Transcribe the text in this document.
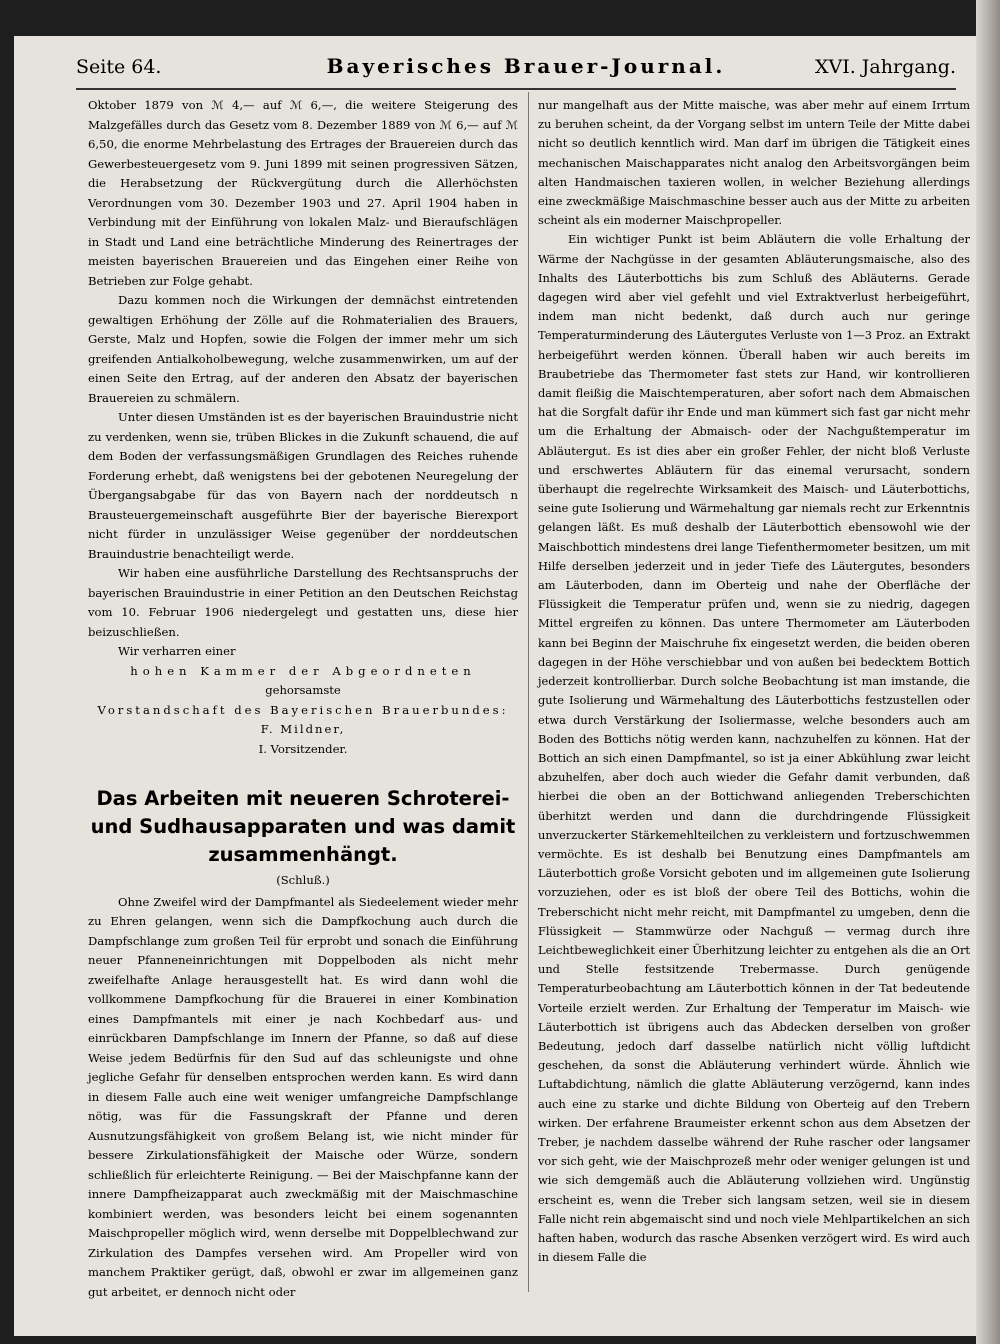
Seite 64.	Bayerisches Brauer-Journal.	XVI. Jahrgang.

Oktober 1879 von ℳ 4,— auf ℳ 6,—, die weitere Steigerung des Malzgefälles durch das Gesetz vom 8. Dezember 1889 von ℳ 6,— auf ℳ 6,50, die enorme Mehrbelastung des Ertrages der Brauereien durch das Gewerbesteuergesetz vom 9. Juni 1899 mit seinen progressiven Sätzen, die Herabsetzung der Rückvergütung durch die Allerhöchsten Verordnungen vom 30. Dezember 1903 und 27. April 1904 haben in Verbindung mit der Einführung von lokalen Malz- und Bieraufschlägen in Stadt und Land eine beträchtliche Minderung des Reinertrages der meisten bayerischen Brauereien und das Eingehen einer Reihe von Betrieben zur Folge gehabt.

Dazu kommen noch die Wirkungen der demnächst eintretenden gewaltigen Erhöhung der Zölle auf die Rohmaterialien des Brauers, Gerste, Malz und Hopfen, sowie die Folgen der immer mehr um sich greifenden Antialkoholbewegung, welche zusammenwirken, um auf der einen Seite den Ertrag, auf der anderen den Absatz der bayerischen Brauereien zu schmälern.

Unter diesen Umständen ist es der bayerischen Brauindustrie nicht zu verdenken, wenn sie, trüben Blickes in die Zukunft schauend, die auf dem Boden der verfassungsmäßigen Grundlagen des Reiches ruhende Forderung erhebt, daß wenigstens bei der gebotenen Neuregelung der Übergangsabgabe für das von Bayern nach der norddeutsch n Brausteuergemeinschaft ausgeführte Bier der bayerische Bierexport nicht fürder in unzulässiger Weise gegenüber der norddeutschen Brauindustrie benachteiligt werde.

Wir haben eine ausführliche Darstellung des Rechtsanspruchs der bayerischen Brauindustrie in einer Petition an den Deutschen Reichstag vom 10. Februar 1906 niedergelegt und gestatten uns, diese hier beizuschließen.

Wir verharren einer

hohen Kammer der Abgeordneten

gehorsamste

Vorstandschaft des Bayerischen Brauerbundes:

F. Mildner,

I. Vorsitzender.

Das Arbeiten mit neueren Schroterei- und Sudhausapparaten und was damit zusammenhängt.

(Schluß.)

Ohne Zweifel wird der Dampfmantel als Siedeelement wieder mehr zu Ehren gelangen, wenn sich die Dampfkochung auch durch die Dampfschlange zum großen Teil für erprobt und sonach die Einführung neuer Pfanneneinrichtungen mit Doppelboden als nicht mehr zweifelhafte Anlage herausgestellt hat. Es wird dann wohl die vollkommene Dampfkochung für die Brauerei in einer Kombination eines Dampfmantels mit einer je nach Kochbedarf aus- und einrückbaren Dampfschlange im Innern der Pfanne, so daß auf diese Weise jedem Bedürfnis für den Sud auf das schleunigste und ohne jegliche Gefahr für denselben entsprochen werden kann. Es wird dann in diesem Falle auch eine weit weniger umfangreiche Dampfschlange nötig, was für die Fassungskraft der Pfanne und deren Ausnutzungsfähigkeit von großem Belang ist, wie nicht minder für bessere Zirkulationsfähigkeit der Maische oder Würze, sondern schließlich für erleichterte Reinigung. — Bei der Maischpfanne kann der innere Dampfheizapparat auch zweckmäßig mit der Maischmaschine kombiniert werden, was besonders leicht bei einem sogenannten Maischpropeller möglich wird, wenn derselbe mit Doppelblechwand zur Zirkulation des Dampfes versehen wird. Am Propeller wird von manchem Praktiker gerügt, daß, obwohl er zwar im allgemeinen ganz gut arbeitet, er dennoch nicht oder

nur mangelhaft aus der Mitte maische, was aber mehr auf einem Irrtum zu beruhen scheint, da der Vorgang selbst im untern Teile der Mitte dabei nicht so deutlich kenntlich wird. Man darf im übrigen die Tätigkeit eines mechanischen Maischapparates nicht analog den Arbeitsvorgängen beim alten Handmaischen taxieren wollen, in welcher Beziehung allerdings eine zweckmäßige Maischmaschine besser auch aus der Mitte zu arbeiten scheint als ein moderner Maischpropeller.

Ein wichtiger Punkt ist beim Abläutern die volle Erhaltung der Wärme der Nachgüsse in der gesamten Abläuterungsmaische, also des Inhalts des Läuterbottichs bis zum Schluß des Abläuterns. Gerade dagegen wird aber viel gefehlt und viel Extraktverlust herbeigeführt, indem man nicht bedenkt, daß durch auch nur geringe Temperaturminderung des Läutergutes Verluste von 1—3 Proz. an Extrakt herbeigeführt werden können. Überall haben wir auch bereits im Braubetriebe das Thermometer fast stets zur Hand, wir kontrollieren damit fleißig die Maischtemperaturen, aber sofort nach dem Abmaischen hat die Sorgfalt dafür ihr Ende und man kümmert sich fast gar nicht mehr um die Erhaltung der Abmaisch- oder der Nachgußtemperatur im Abläutergut. Es ist dies aber ein großer Fehler, der nicht bloß Verluste und erschwertes Abläutern für das einemal verursacht, sondern überhaupt die regelrechte Wirksamkeit des Maisch- und Läuterbottichs, seine gute Isolierung und Wärmehaltung gar niemals recht zur Erkenntnis gelangen läßt. Es muß deshalb der Läuterbottich ebensowohl wie der Maischbottich mindestens drei lange Tiefenthermometer besitzen, um mit Hilfe derselben jederzeit und in jeder Tiefe des Läutergutes, besonders am Läuterboden, dann im Oberteig und nahe der Oberfläche der Flüssigkeit die Temperatur prüfen und, wenn sie zu niedrig, dagegen Mittel ergreifen zu können. Das untere Thermometer am Läuterboden kann bei Beginn der Maischruhe fix eingesetzt werden, die beiden oberen dagegen in der Höhe verschiebbar und von außen bei bedecktem Bottich jederzeit kontrollierbar. Durch solche Beobachtung ist man imstande, die gute Isolierung und Wärmehaltung des Läuterbottichs festzustellen oder etwa durch Verstärkung der Isoliermasse, welche besonders auch am Boden des Bottichs nötig werden kann, nachzuhelfen zu können. Hat der Bottich an sich einen Dampfmantel, so ist ja einer Abkühlung zwar leicht abzuhelfen, aber doch auch wieder die Gefahr damit verbunden, daß hierbei die oben an der Bottichwand anliegenden Treberschichten überhitzt werden und dann die durchdringende Flüssigkeit unverzuckerter Stärkemehlteilchen zu verkleistern und fortzuschwemmen vermöchte. Es ist deshalb bei Benutzung eines Dampfmantels am Läuterbottich große Vorsicht geboten und im allgemeinen gute Isolierung vorzuziehen, oder es ist bloß der obere Teil des Bottichs, wohin die Treberschicht nicht mehr reicht, mit Dampfmantel zu umgeben, denn die Flüssigkeit — Stammwürze oder Nachguß — vermag durch ihre Leichtbeweglichkeit einer Überhitzung leichter zu entgehen als die an Ort und Stelle festsitzende Trebermasse. Durch genügende Temperaturbeobachtung am Läuterbottich können in der Tat bedeutende Vorteile erzielt werden. Zur Erhaltung der Temperatur im Maisch- wie Läuterbottich ist übrigens auch das Abdecken derselben von großer Bedeutung, jedoch darf dasselbe natürlich nicht völlig luftdicht geschehen, da sonst die Abläuterung verhindert würde. Ähnlich wie Luftabdichtung, nämlich die glatte Abläuterung verzögernd, kann indes auch eine zu starke und dichte Bildung von Oberteig auf den Trebern wirken. Der erfahrene Braumeister erkennt schon aus dem Absetzen der Treber, je nachdem dasselbe während der Ruhe rascher oder langsamer vor sich geht, wie der Maischprozeß mehr oder weniger gelungen ist und wie sich demgemäß auch die Abläuterung vollziehen wird. Ungünstig erscheint es, wenn die Treber sich langsam setzen, weil sie in diesem Falle nicht rein abgemaischt sind und noch viele Mehlpartikelchen an sich haften haben, wodurch das rasche Absenken verzögert wird. Es wird auch in diesem Falle die
